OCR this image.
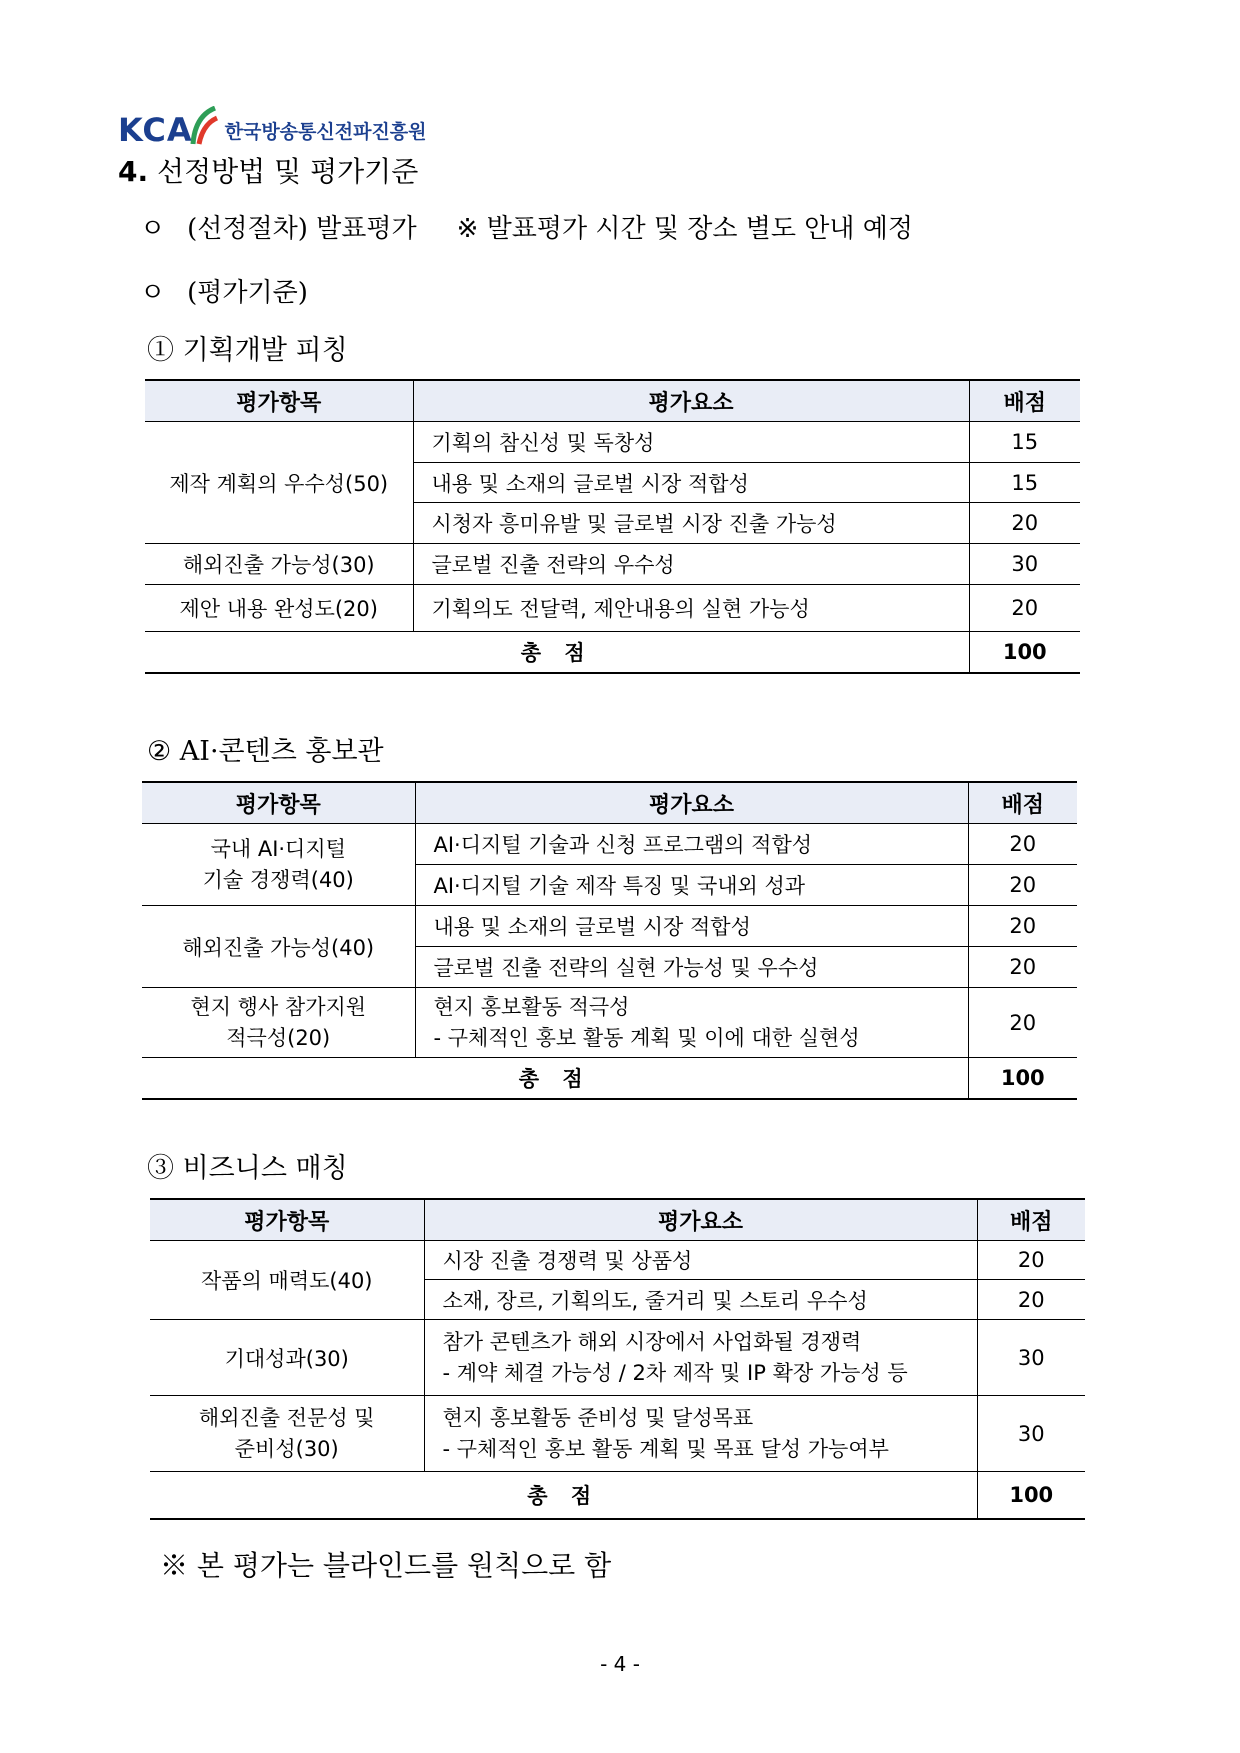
KCA 한국방송통신전파진흥원
4. 선정방법 및 평가기준
ㅇ (선정절차) 발표평가 ※ 발표평가 시간 및 장소 별도 안내 예정
ㅇ (평가기준)
① 기획개발 피칭
평가항목	평가요소	배점
제작 계획의 우수성(50)	기획의 참신성 및 독창성	15
	내용 및 소재의 글로벌 시장 적합성	15
	시청자 흥미유발 및 글로벌 시장 진출 가능성	20
해외진출 가능성(30)	글로벌 진출 전략의 우수성	30
제안 내용 완성도(20)	기획의도 전달력, 제안내용의 실현 가능성	20
총 점		100
② AI·콘텐츠 홍보관
평가항목	평가요소	배점

국내 AI·디지털
기술 경쟁력(40)	AI·디지털 기술과 신청 프로그램의 적합성	20
	AI·디지털 기술 제작 특징 및 국내외 성과	20
해외진출 가능성(40)	내용 및 소재의 글로벌 시장 적합성	20
	글로벌 진출 전략의 실현 가능성 및 우수성	20

현지 행사 참가지원
적극성(20)	현지 홍보활동 적극성
- 구체적인 홍보 활동 계획 및 이에 대한 실현성	20
총 점		100
③ 비즈니스 매칭
평가항목	평가요소	배점
작품의 매력도(40)	시장 진출 경쟁력 및 상품성	20
	소재, 장르, 기획의도, 줄거리 및 스토리 우수성	20
기대성과(30)	참가 콘텐츠가 해외 시장에서 사업화될 경쟁력
- 계약 체결 가능성 / 2차 제작 및 IP 확장 가능성 등	30

해외진출 전문성 및
준비성(30)	현지 홍보활동 준비성 및 달성목표
- 구체적인 홍보 활동 계획 및 목표 달성 가능여부	30
총 점		100
※ 본 평가는 블라인드를 원칙으로 함
- 4 -
